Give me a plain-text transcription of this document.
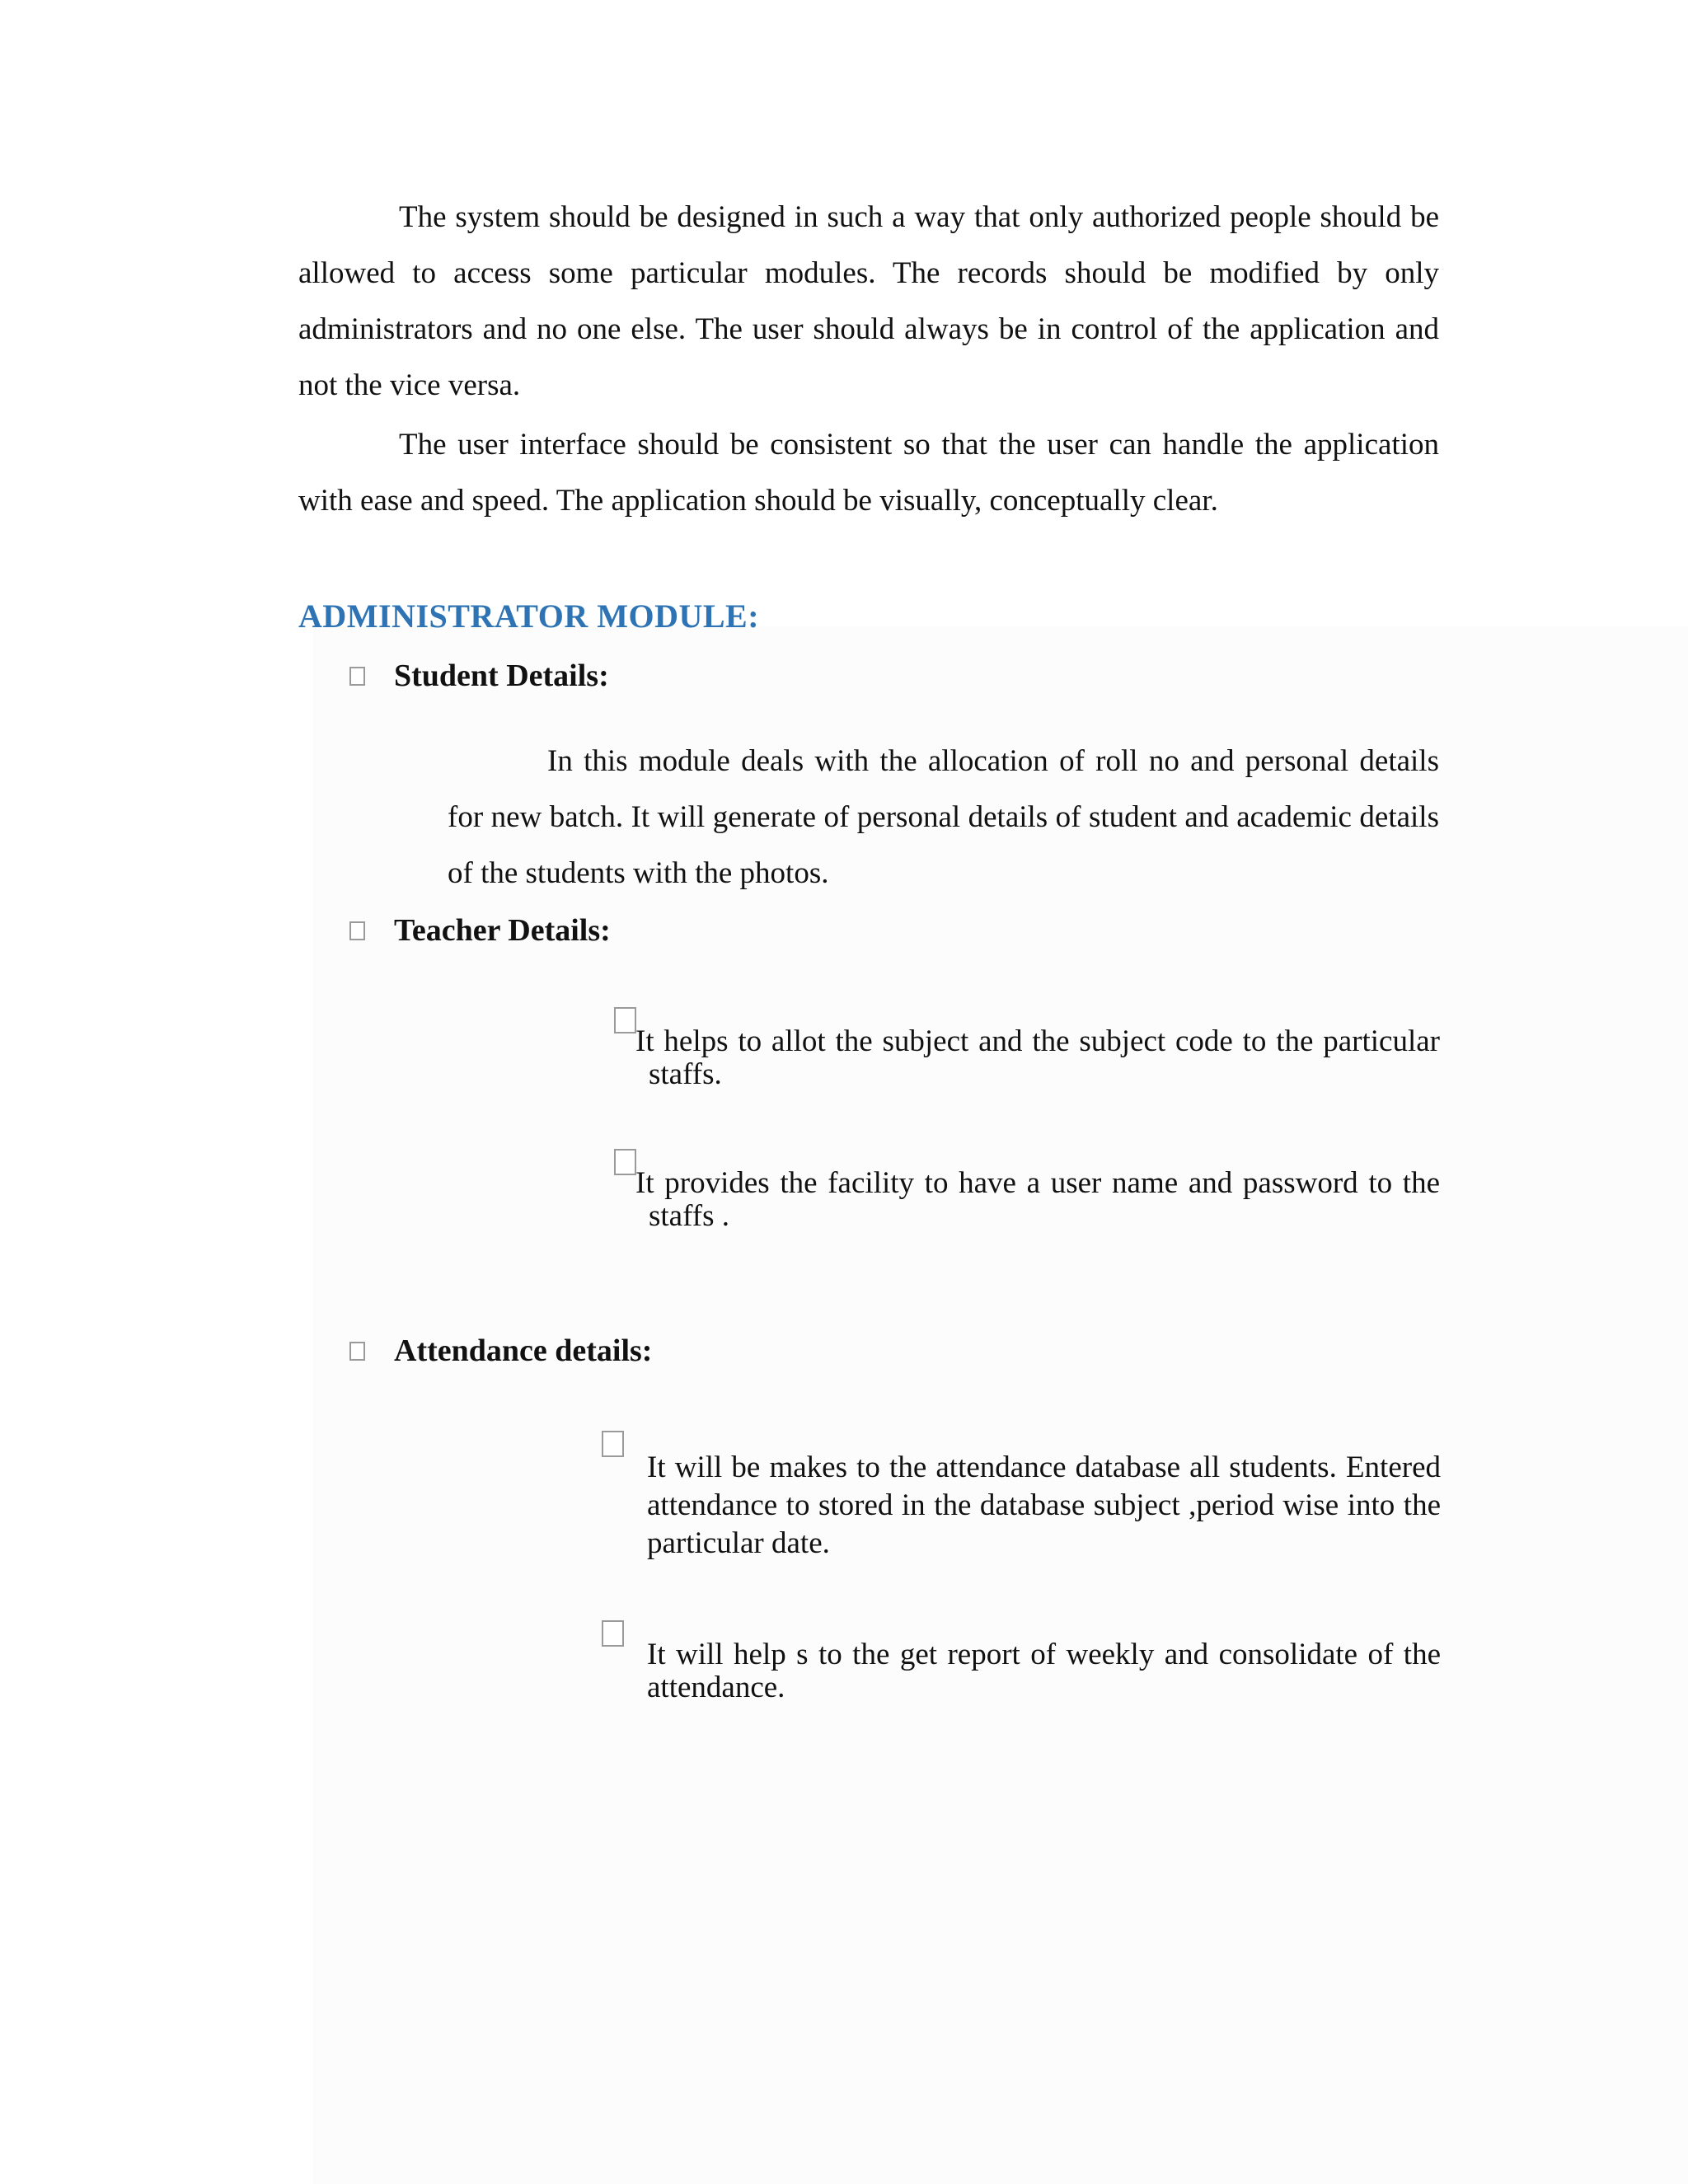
The system should be designed in such a way that only authorized people should be allowed to access some particular modules. The records should be modified by only administrators and no one else. The user should always be in control of the application and not the vice versa.

The user interface should be consistent so that the user can handle the application with ease and speed. The application should be visually, conceptually clear.

ADMINISTRATOR MODULE:
Student Details:

In this module deals with the allocation of roll no and personal details for new batch. It will generate of personal details of student and academic details of the students with the photos.

Teacher Details:
It helps to allot the subject and the subject code to the particular staffs.
It provides the facility to have a user name and password to the staffs .
Attendance details:
It will be makes to the attendance database all students. Entered attendance to stored in the database subject ,period wise into the particular date.
It will help s to the get report of weekly and consolidate of the attendance.
